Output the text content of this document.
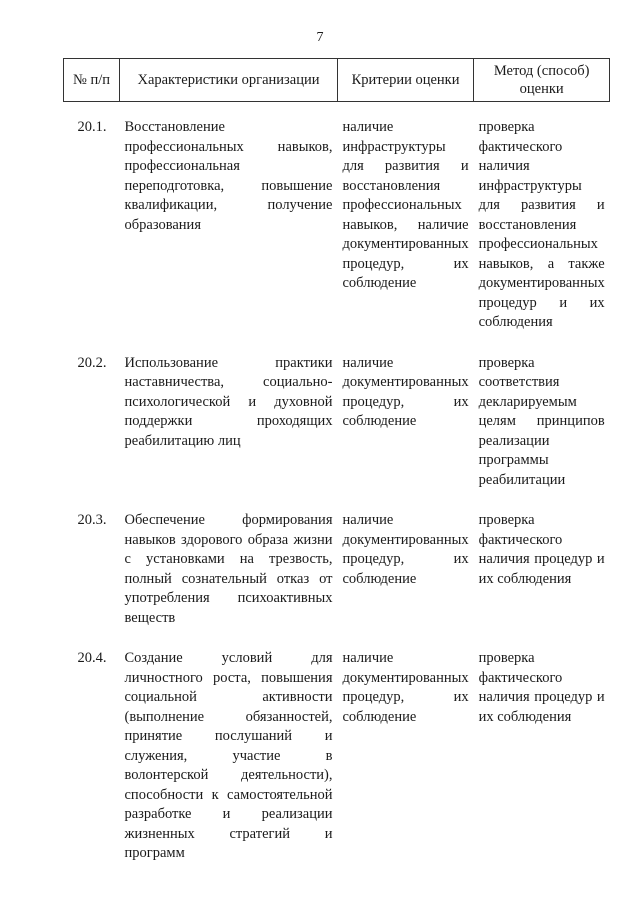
7
№ п/п	Характеристики организации	Критерии оценки	Метод (способ) оценки
20.1.	Восстановление профессиональных навыков, профессиональная переподготовка, повышение квалификации, получение образования	наличие инфраструктуры для развития и восстановления профессиональных навыков, наличие документированных процедур, их соблюдение	проверка фактического наличия инфраструктуры для развития и восстановления профессиональных навыков, а также документированных процедур и их соблюдения
20.2.	Использование практики наставничества, социально-психологической и духовной поддержки проходящих реабилитацию лиц	наличие документированных процедур, их соблюдение	проверка соответствия декларируемым целям принципов реализации программы реабилитации
20.3.	Обеспечение формирования навыков здорового образа жизни с установками на трезвость, полный сознательный отказ от употребления психоактивных веществ	наличие документированных процедур, их соблюдение	проверка фактического наличия процедур и их соблюдения
20.4.	Создание условий для личностного роста, повышения социальной активности (выполнение обязанностей, принятие послушаний и служения, участие в волонтерской деятельности), способности к самостоятельной разработке и реализации жизненных стратегий и программ	наличие документированных процедур, их соблюдение	проверка фактического наличия процедур и их соблюдения
